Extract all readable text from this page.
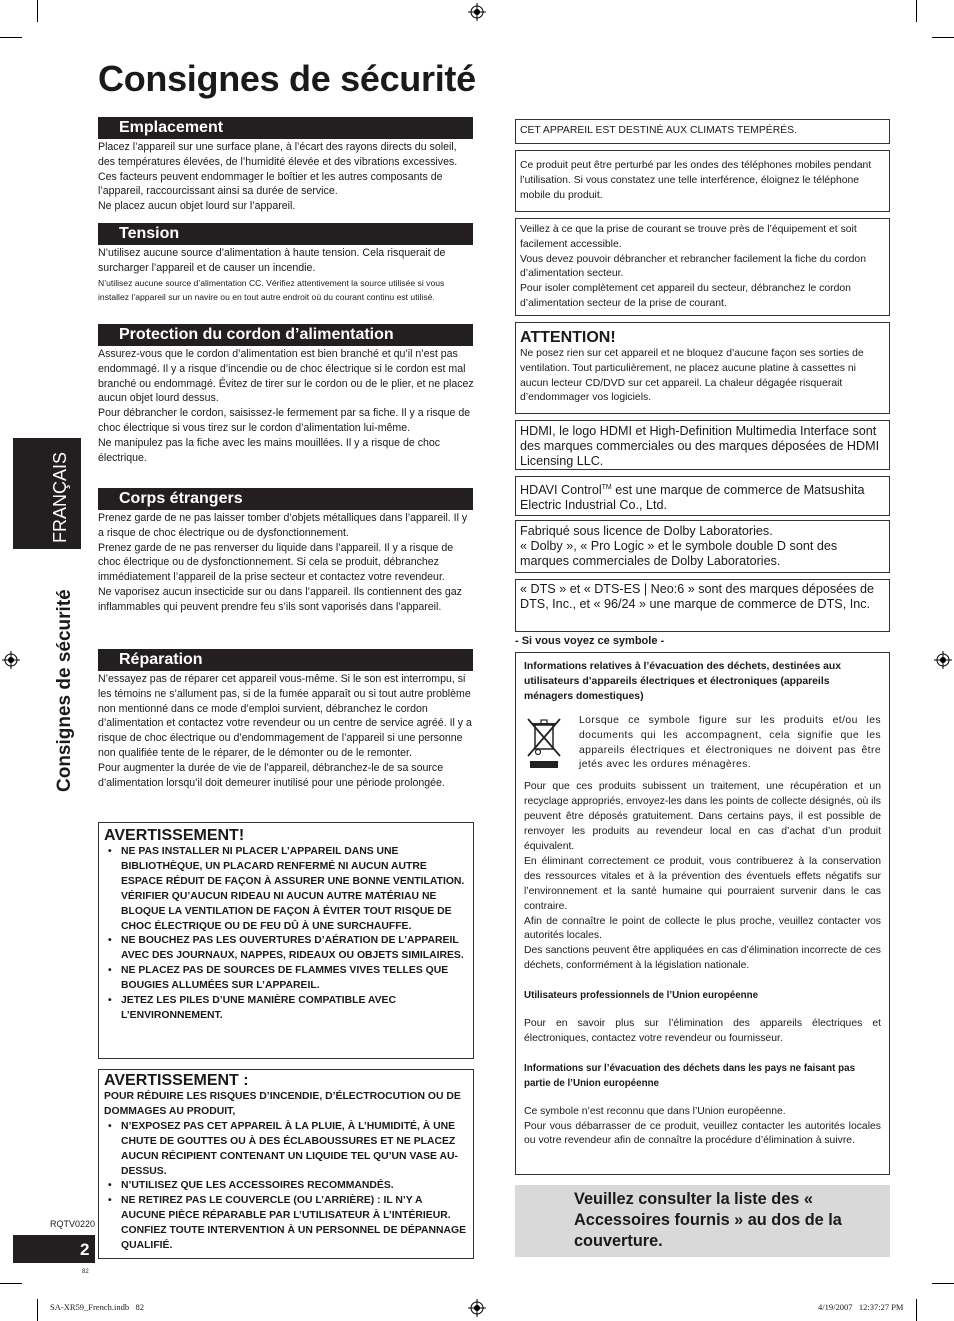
Consignes de sécurité
FRANÇAIS
Consignes de sécurité
Emplacement
Placez l’appareil sur une surface plane, à l’écart des rayons directs du soleil, des températures élevées, de l’humidité élevée et des vibrations excessives. Ces facteurs peuvent endommager le boîtier et les autres composants de l’appareil, raccourcissant ainsi sa durée de service.
Ne placez aucun objet lourd sur l’appareil.
Tension
N’utilisez aucune source d’alimentation à haute tension. Cela risquerait de surcharger l’appareil et de causer un incendie.
N’utilisez aucune source d’alimentation CC. Vérifiez attentivement la source utilisée si vous installez l’appareil sur un navire ou en tout autre endroit où du courant continu est utilisé.
Protection du cordon d’alimentation
Assurez-vous que le cordon d’alimentation est bien branché et qu’il n’est pas endommagé. Il y a risque d’incendie ou de choc électrique si le cordon est mal branché ou endommagé. Évitez de tirer sur le cordon ou de le plier, et ne placez aucun objet lourd dessus.
Pour débrancher le cordon, saisissez-le fermement par sa fiche. Il y a risque de choc électrique si vous tirez sur le cordon d’alimentation lui-même.
Ne manipulez pas la fiche avec les mains mouillées. Il y a risque de choc électrique.
Corps étrangers
Prenez garde de ne pas laisser tomber d’objets métalliques dans l’appareil. Il y a risque de choc électrique ou de dysfonctionnement.
Prenez garde de ne pas renverser du liquide dans l’appareil. Il y a risque de choc électrique ou de dysfonctionnement. Si cela se produit, débranchez immédiatement l’appareil de la prise secteur et contactez votre revendeur.
Ne vaporisez aucun insecticide sur ou dans l’appareil. Ils contiennent des gaz inflammables qui peuvent prendre feu s’ils sont vaporisés dans l’appareil.
Réparation
N’essayez pas de réparer cet appareil vous-même. Si le son est interrompu, si les témoins ne s’allument pas, si de la fumée apparaît ou si tout autre problème non mentionné dans ce mode d’emploi survient, débranchez le cordon d’alimentation et contactez votre revendeur ou un centre de service agréé. Il y a risque de choc électrique ou d’endommagement de l’appareil si une personne non qualifiée tente de le réparer, de le démonter ou de le remonter.
Pour augmenter la durée de vie de l’appareil, débranchez-le de sa source d’alimentation lorsqu’il doit demeurer inutilisé pour une période prolongée.
AVERTISSEMENT!
• NE PAS INSTALLER NI PLACER L’APPAREIL DANS UNE BIBLIOTHÈQUE, UN PLACARD RENFERMÉ NI AUCUN AUTRE ESPACE RÉDUIT DE FAÇON À ASSURER UNE BONNE VENTILATION. VÉRIFIER QU’AUCUN RIDEAU NI AUCUN AUTRE MATÉRIAU NE BLOQUE LA VENTILATION DE FAÇON À ÉVITER TOUT RISQUE DE CHOC ÉLECTRIQUE OU DE FEU DÛ À UNE SURCHAUFFE.
• NE BOUCHEZ PAS LES OUVERTURES D’AÉRATION DE L’APPAREIL AVEC DES JOURNAUX, NAPPES, RIDEAUX OU OBJETS SIMILAIRES.
• NE PLACEZ PAS DE SOURCES DE FLAMMES VIVES TELLES QUE BOUGIES ALLUMÉES SUR L’APPAREIL.
• JETEZ LES PILES D’UNE MANIÈRE COMPATIBLE AVEC L’ENVIRONNEMENT.
AVERTISSEMENT :
POUR RÉDUIRE LES RISQUES D’INCENDIE, D’ÉLECTROCUTION OU DE DOMMAGES AU PRODUIT,
• N’EXPOSEZ PAS CET APPAREIL À LA PLUIE, À L’HUMIDITÉ, À UNE CHUTE DE GOUTTES OU À DES ÉCLABOUSSURES ET NE PLACEZ AUCUN RÉCIPIENT CONTENANT UN LIQUIDE TEL QU’UN VASE AU-DESSUS.
• N’UTILISEZ QUE LES ACCESSOIRES RECOMMANDÉS.
• NE RETIREZ PAS LE COUVERCLE (OU L’ARRIÈRE) : IL N’Y A AUCUNE PIÈCE RÉPARABLE PAR L’UTILISATEUR À L’INTÉRIEUR. CONFIEZ TOUTE INTERVENTION À UN PERSONNEL DE DÉPANNAGE QUALIFIÉ.
RQTV0220
2
82
SA-XR59_French.indb   82	4/19/2007   12:37:27 PM
CET APPAREIL EST DESTINÉ AUX CLIMATS TEMPÉRÉS.
Ce produit peut être perturbé par les ondes des téléphones mobiles pendant l’utilisation. Si vous constatez une telle interférence, éloignez le téléphone mobile du produit.
Veillez à ce que la prise de courant se trouve près de l’équipement et soit facilement accessible.
Vous devez pouvoir débrancher et rebrancher facilement la fiche du cordon d’alimentation secteur.
Pour isoler complètement cet appareil du secteur, débranchez le cordon d’alimentation secteur de la prise de courant.
ATTENTION!
Ne posez rien sur cet appareil et ne bloquez d’aucune façon ses sorties de ventilation. Tout particulièrement, ne placez aucune platine à cassettes ni aucun lecteur CD/DVD sur cet appareil. La chaleur dégagée risquerait d’endommager vos logiciels.
HDMI, le logo HDMI et High-Definition Multimedia Interface sont des marques commerciales ou des marques déposées de HDMI Licensing LLC.
HDAVI Control™ est une marque de commerce de Matsushita Electric Industrial Co., Ltd.
Fabriqué sous licence de Dolby Laboratories.
« Dolby », « Pro Logic » et le symbole double D sont des marques commerciales de Dolby Laboratories.
« DTS » et « DTS-ES | Neo:6 » sont des marques déposées de DTS, Inc., et « 96/24 » une marque de commerce de DTS, Inc.
- Si vous voyez ce symbole -
Informations relatives à l’évacuation des déchets, destinées aux utilisateurs d’appareils électriques et électroniques (appareils ménagers domestiques)
Lorsque ce symbole figure sur les produits et/ou les documents qui les accompagnent, cela signifie que les appareils électriques et électroniques ne doivent pas être jetés avec les ordures ménagères.
Pour que ces produits subissent un traitement, une récupération et un recyclage appropriés, envoyez-les dans les points de collecte désignés, où ils peuvent être déposés gratuitement. Dans certains pays, il est possible de renvoyer les produits au revendeur local en cas d’achat d’un produit équivalent.
En éliminant correctement ce produit, vous contribuerez à la conservation des ressources vitales et à la prévention des éventuels effets négatifs sur l’environnement et la santé humaine qui pourraient survenir dans le cas contraire.
Afin de connaître le point de collecte le plus proche, veuillez contacter vos autorités locales.
Des sanctions peuvent être appliquées en cas d’élimination incorrecte de ces déchets, conformément à la législation nationale.
Utilisateurs professionnels de l’Union européenne
Pour en savoir plus sur l’élimination des appareils électriques et électroniques, contactez votre revendeur ou fournisseur.
Informations sur l’évacuation des déchets dans les pays ne faisant pas partie de l’Union européenne
Ce symbole n’est reconnu que dans l’Union européenne.
Pour vous débarrasser de ce produit, veuillez contacter les autorités locales ou votre revendeur afin de connaître la procédure d’élimination à suivre.
Veuillez consulter la liste des « Accessoires fournis » au dos de la couverture.
